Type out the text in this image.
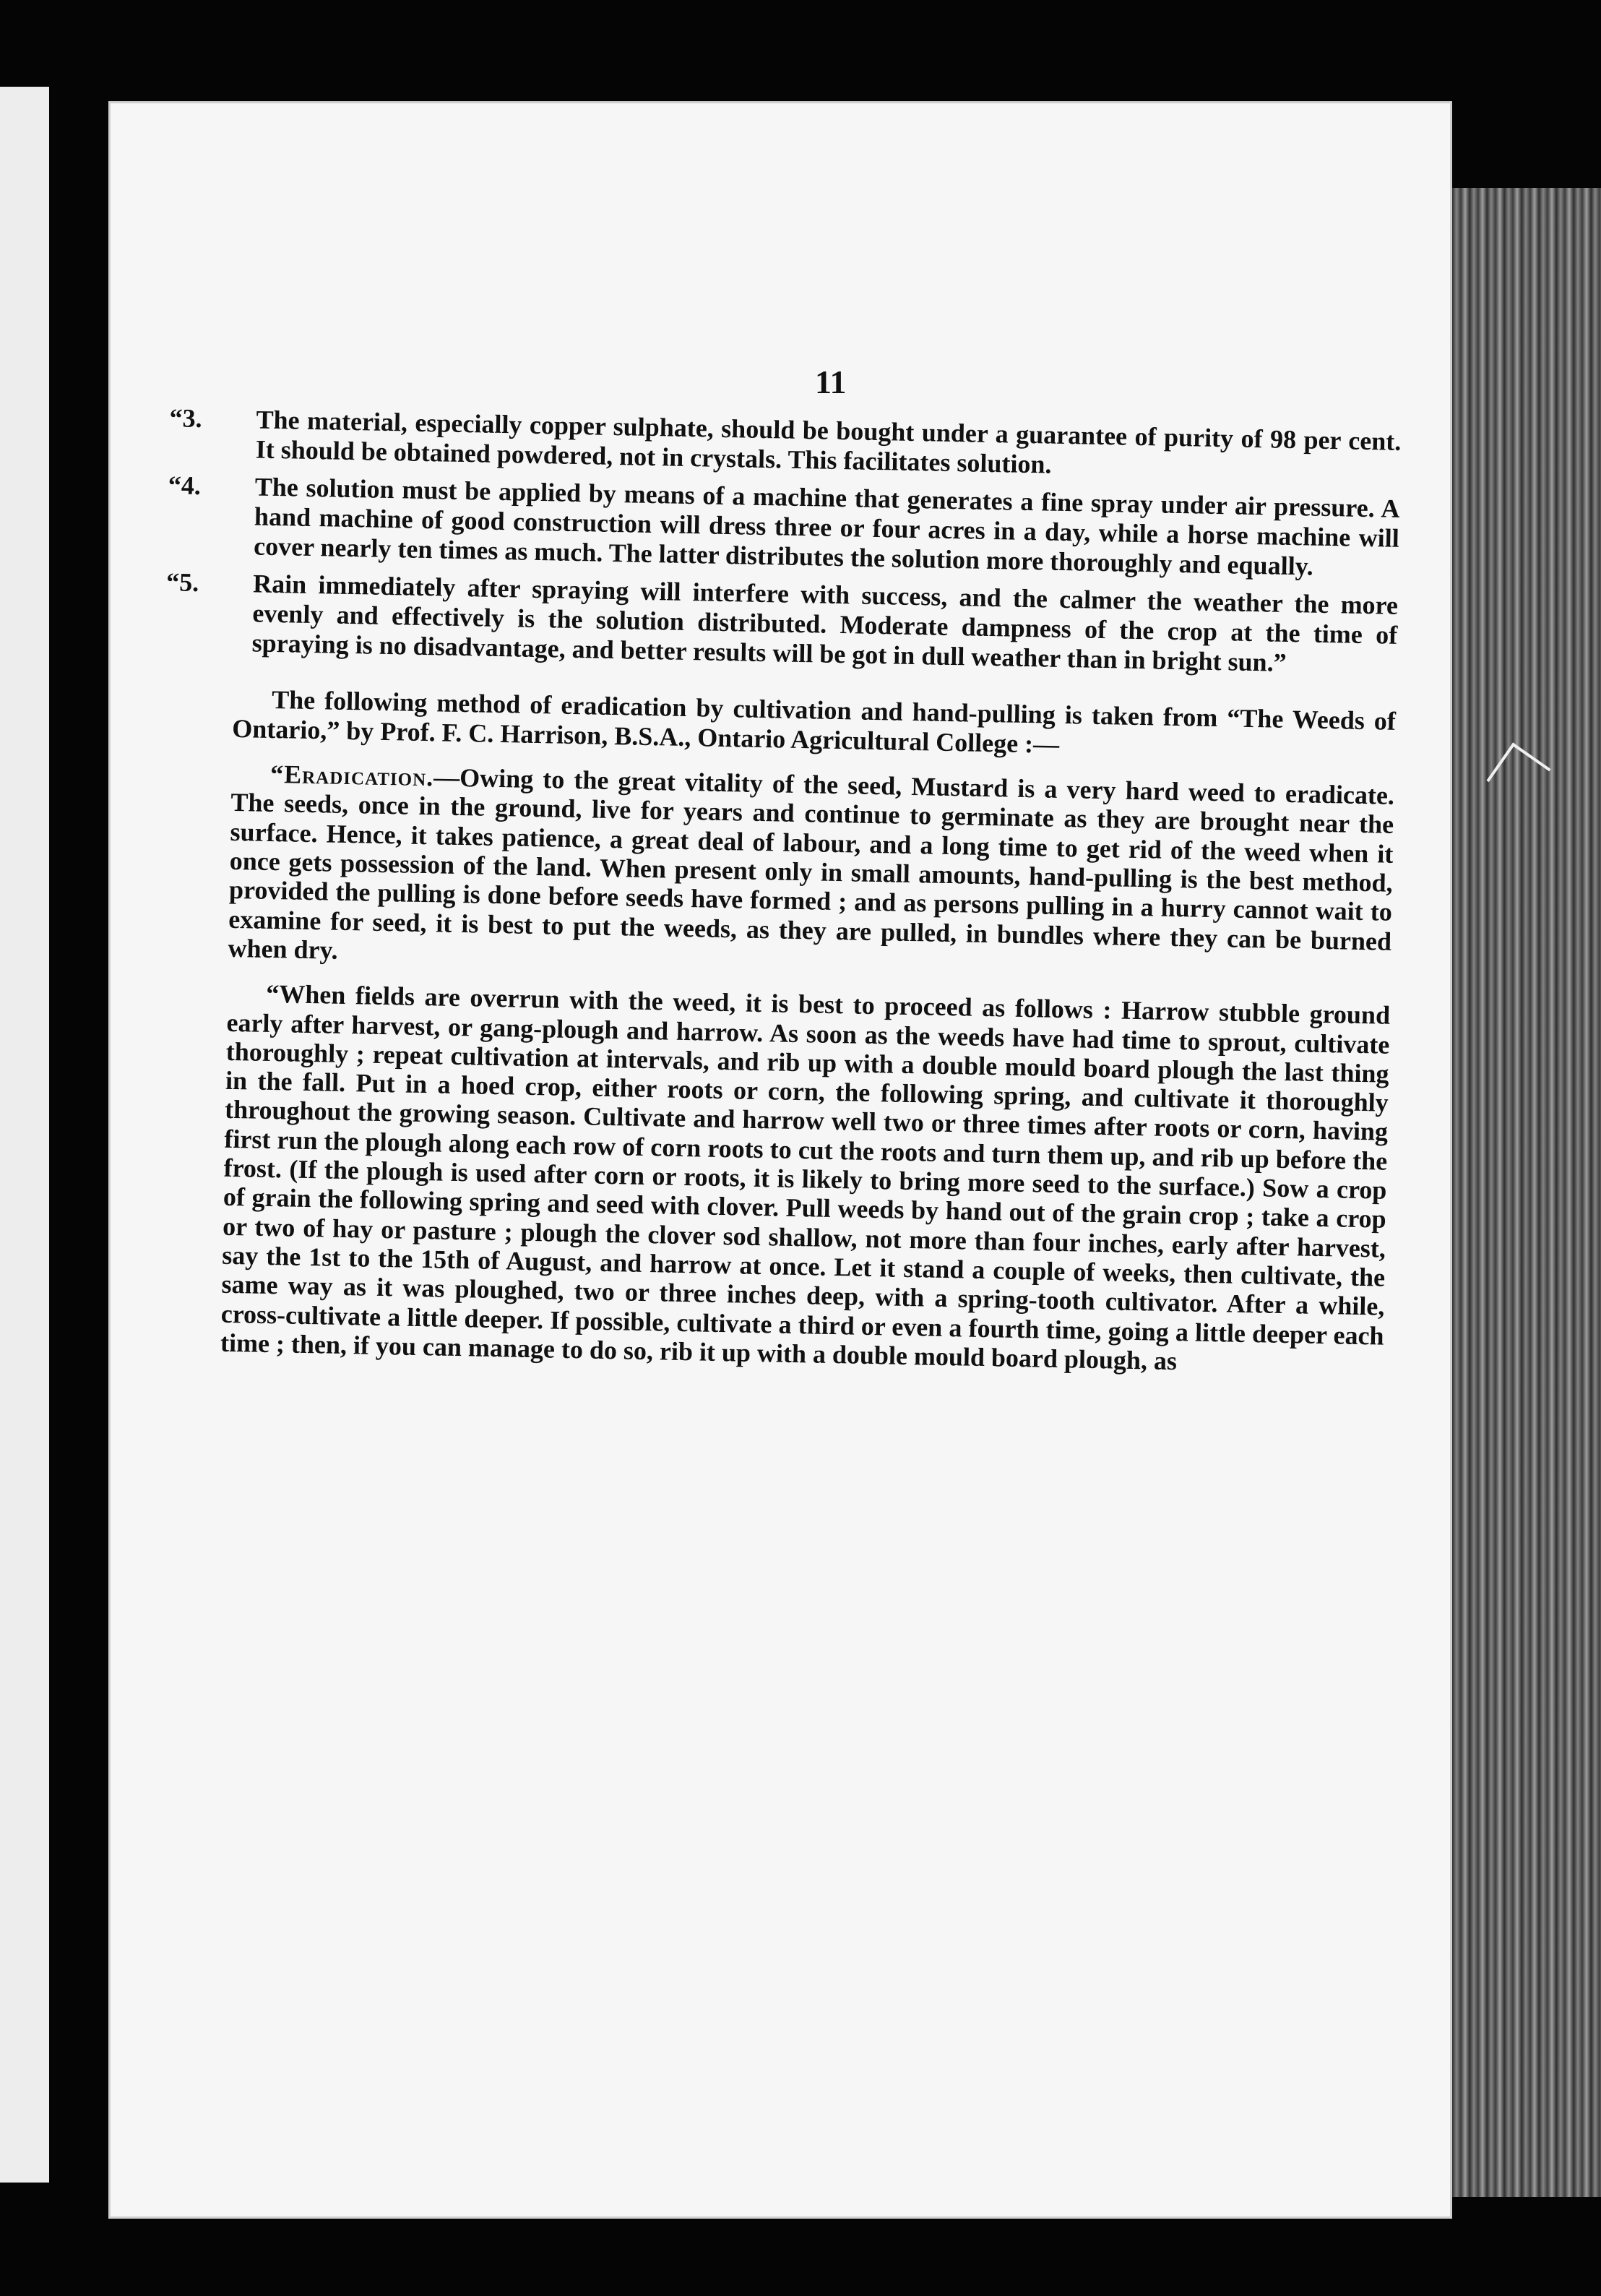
11
“3.	The material, especially copper sulphate, should be bought under a guarantee of purity of 98 per cent. It should be obtained powdered, not in crystals. This facilitates solution.
“4.	The solution must be applied by means of a machine that generates a fine spray under air pressure. A hand machine of good construction will dress three or four acres in a day, while a horse machine will cover nearly ten times as much. The latter distributes the solution more thoroughly and equally.
“5.	Rain immediately after spraying will interfere with success, and the calmer the weather the more evenly and effectively is the solution distributed. Moderate dampness of the crop at the time of spraying is no disadvantage, and better results will be got in dull weather than in bright sun.”

The following method of eradication by cultivation and hand-pulling is taken from “The Weeds of Ontario,” by Prof. F. C. Harrison, B.S.A., Ontario Agricultural College :—

“Eradication.—Owing to the great vitality of the seed, Mustard is a very hard weed to eradicate. The seeds, once in the ground, live for years and continue to germinate as they are brought near the surface. Hence, it takes patience, a great deal of labour, and a long time to get rid of the weed when it once gets possession of the land. When present only in small amounts, hand-pulling is the best method, provided the pulling is done before seeds have formed ; and as persons pulling in a hurry cannot wait to examine for seed, it is best to put the weeds, as they are pulled, in bundles where they can be burned when dry.

“When fields are overrun with the weed, it is best to proceed as follows : Harrow stubble ground early after harvest, or gang-plough and harrow. As soon as the weeds have had time to sprout, cultivate thoroughly ; repeat cultivation at intervals, and rib up with a double mould board plough the last thing in the fall. Put in a hoed crop, either roots or corn, the following spring, and cultivate it thoroughly throughout the growing season. Cultivate and harrow well two or three times after roots or corn, having first run the plough along each row of corn roots to cut the roots and turn them up, and rib up before the frost. (If the plough is used after corn or roots, it is likely to bring more seed to the surface.) Sow a crop of grain the following spring and seed with clover. Pull weeds by hand out of the grain crop ; take a crop or two of hay or pasture ; plough the clover sod shallow, not more than four inches, early after harvest, say the 1st to the 15th of August, and harrow at once. Let it stand a couple of weeks, then cultivate, the same way as it was ploughed, two or three inches deep, with a spring-tooth cultivator. After a while, cross-cultivate a little deeper. If possible, cultivate a third or even a fourth time, going a little deeper each time ; then, if you can manage to do so, rib it up with a double mould board plough, as
